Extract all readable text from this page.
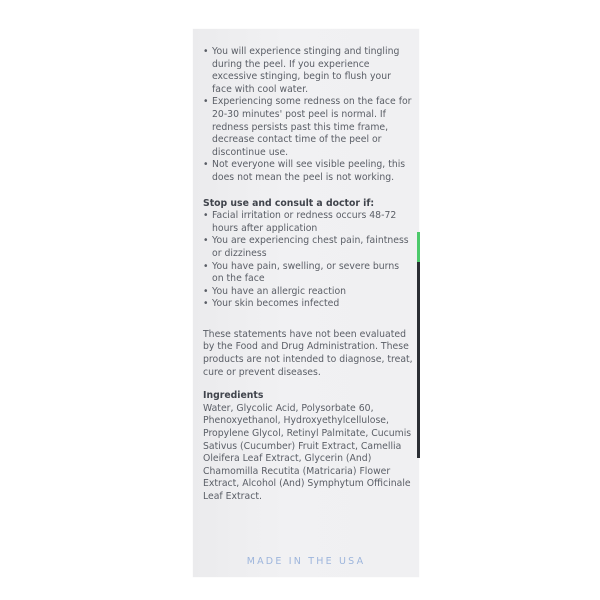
• You will experience stinging and tingling during the peel. If you experience excessive stinging, begin to flush your face with cool water.
• Experiencing some redness on the face for 20-30 minutes' post peel is normal. If redness persists past this time frame, decrease contact time of the peel or discontinue use.
• Not everyone will see visible peeling, this does not mean the peel is not working.

Stop use and consult a doctor if:

• Facial irritation or redness occurs 48-72 hours after application
• You are experiencing chest pain, faintness or dizziness
• You have pain, swelling, or severe burns on the face
• You have an allergic reaction
• Your skin becomes infected

These statements have not been evaluated by the Food and Drug Administration. These products are not intended to diagnose, treat, cure or prevent diseases.

Ingredients

Water, Glycolic Acid, Polysorbate 60, Phenoxyethanol, Hydroxyethylcellulose, Propylene Glycol, Retinyl Palmitate, Cucumis Sativus (Cucumber) Fruit Extract, Camellia Oleifera Leaf Extract, Glycerin (And) Chamomilla Recutita (Matricaria) Flower Extract, Alcohol (And) Symphytum Officinale Leaf Extract.

MADE IN THE USA
